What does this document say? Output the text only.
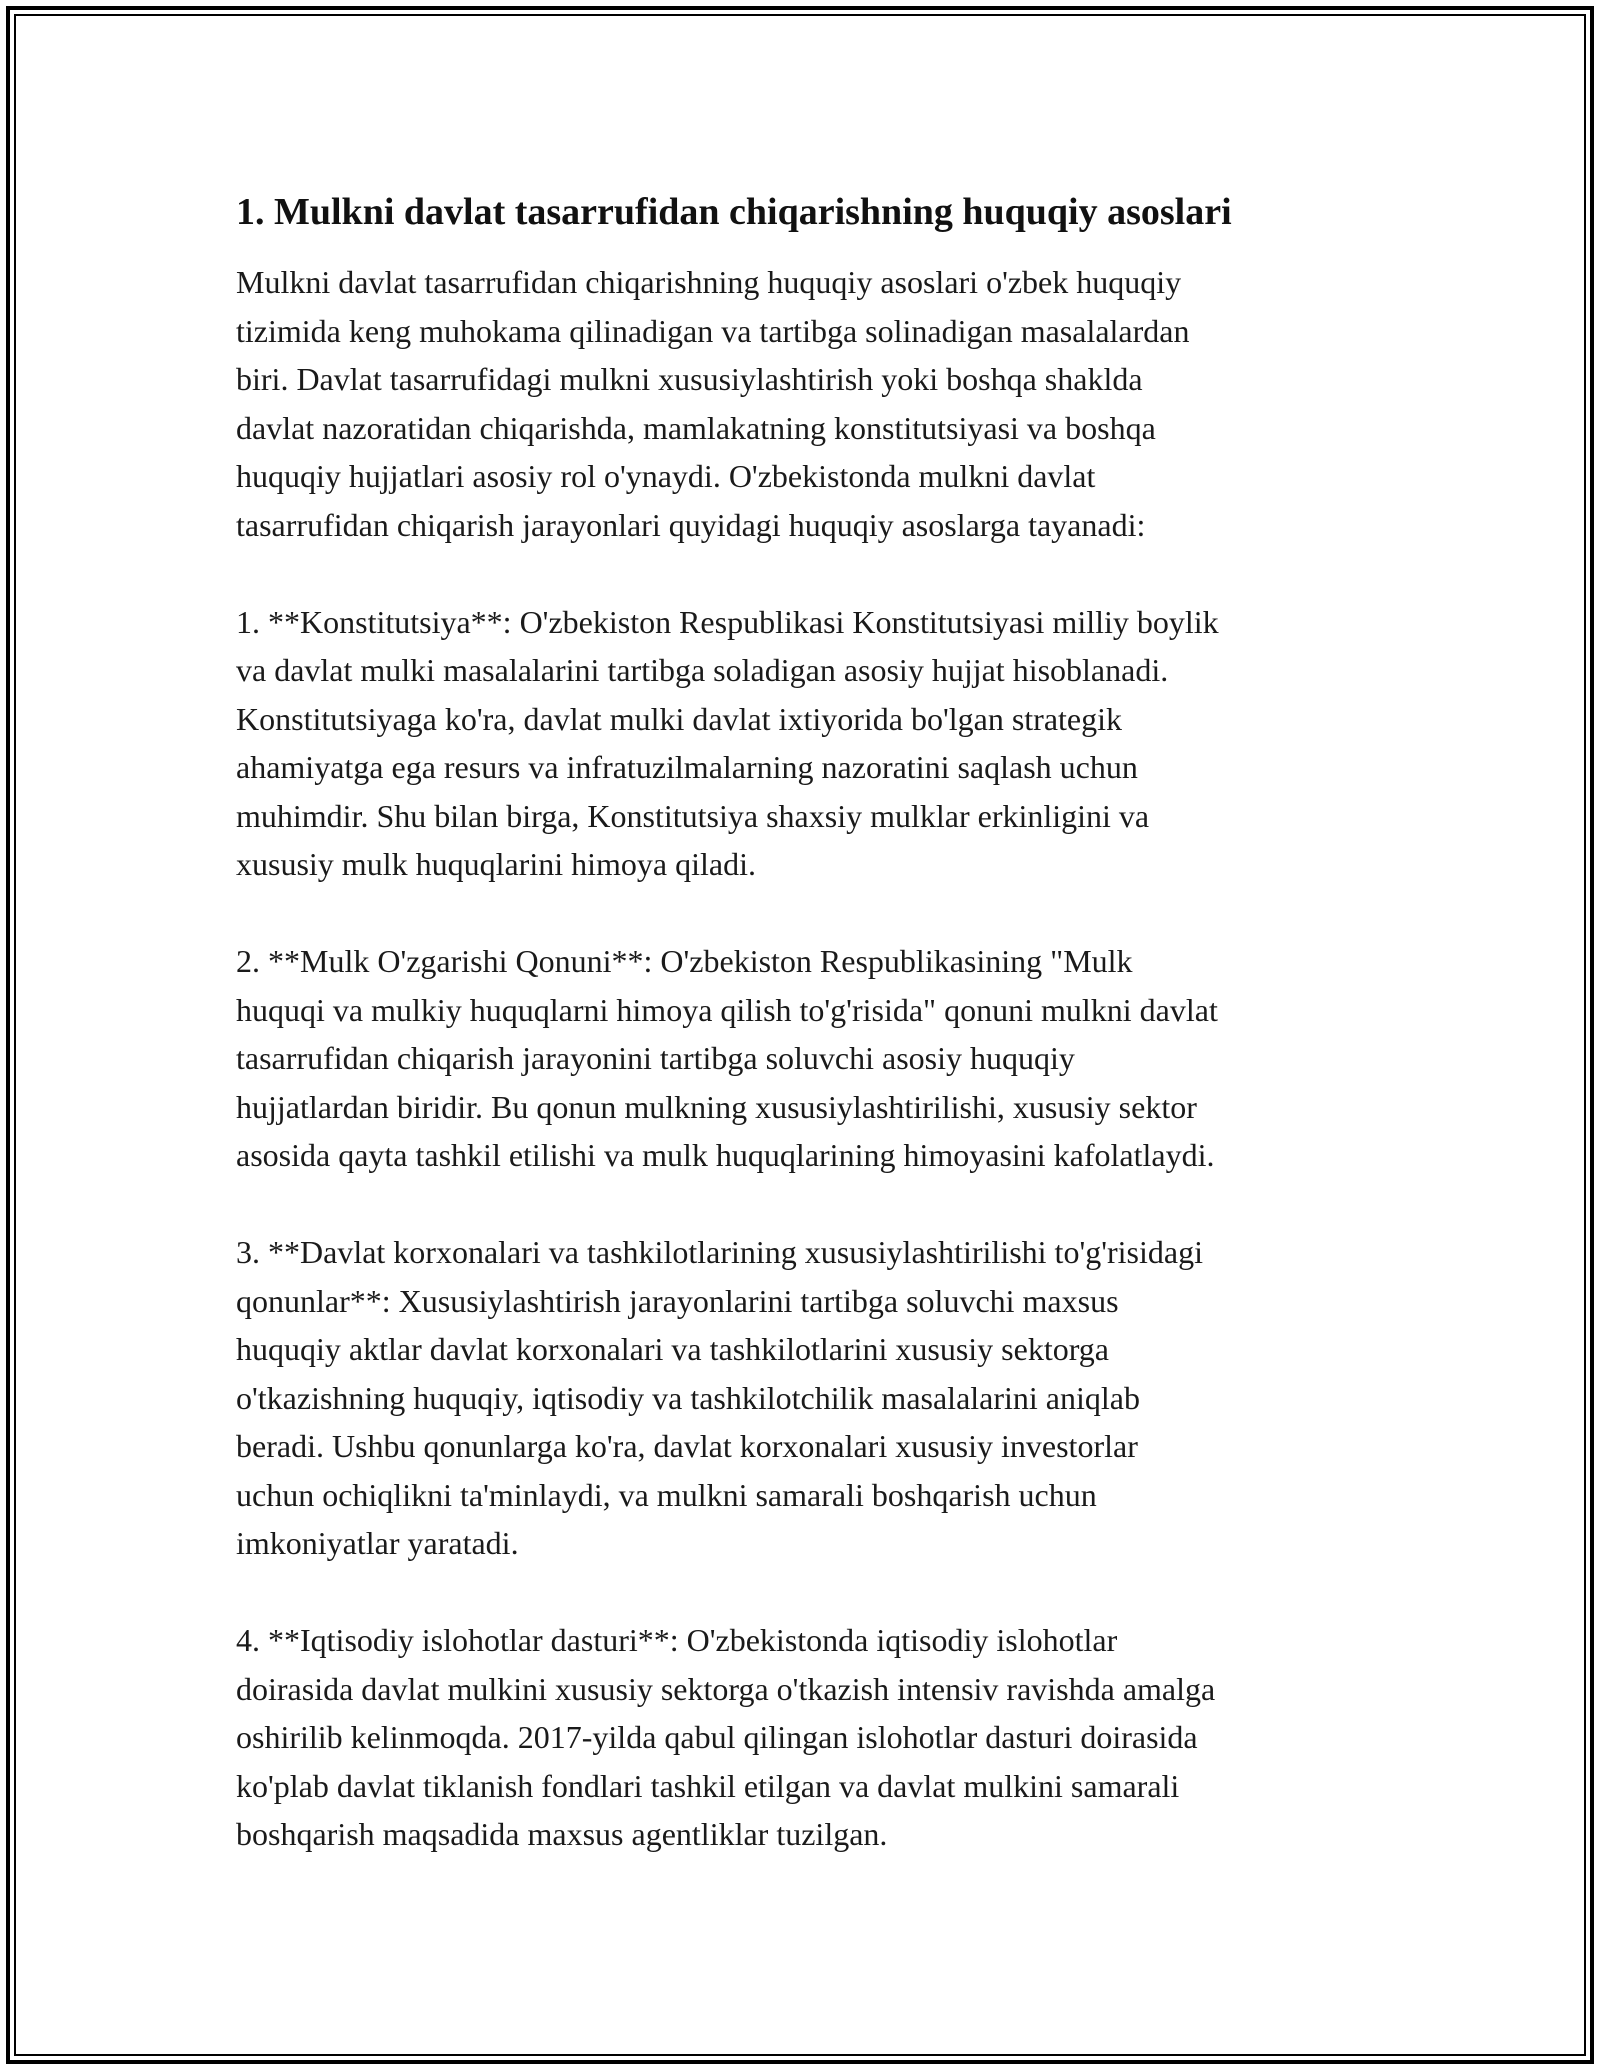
1. Mulkni davlat tasarrufidan chiqarishning huquqiy asoslari

Mulkni davlat tasarrufidan chiqarishning huquqiy asoslari o'zbek huquqiy
tizimida keng muhokama qilinadigan va tartibga solinadigan masalalardan
biri. Davlat tasarrufidagi mulkni xususiylashtirish yoki boshqa shaklda
davlat nazoratidan chiqarishda, mamlakatning konstitutsiyasi va boshqa
huquqiy hujjatlari asosiy rol o'ynaydi. O'zbekistonda mulkni davlat
tasarrufidan chiqarish jarayonlari quyidagi huquqiy asoslarga tayanadi:

1. **Konstitutsiya**: O'zbekiston Respublikasi Konstitutsiyasi milliy boylik
va davlat mulki masalalarini tartibga soladigan asosiy hujjat hisoblanadi.
Konstitutsiyaga ko'ra, davlat mulki davlat ixtiyorida bo'lgan strategik
ahamiyatga ega resurs va infratuzilmalarning nazoratini saqlash uchun
muhimdir. Shu bilan birga, Konstitutsiya shaxsiy mulklar erkinligini va
xususiy mulk huquqlarini himoya qiladi.

2. **Mulk O'zgarishi Qonuni**: O'zbekiston Respublikasining "Mulk
huquqi va mulkiy huquqlarni himoya qilish to'g'risida" qonuni mulkni davlat
tasarrufidan chiqarish jarayonini tartibga soluvchi asosiy huquqiy
hujjatlardan biridir. Bu qonun mulkning xususiylashtirilishi, xususiy sektor
asosida qayta tashkil etilishi va mulk huquqlarining himoyasini kafolatlaydi.

3. **Davlat korxonalari va tashkilotlarining xususiylashtirilishi to'g'risidagi
qonunlar**: Xususiylashtirish jarayonlarini tartibga soluvchi maxsus
huquqiy aktlar davlat korxonalari va tashkilotlarini xususiy sektorga
o'tkazishning huquqiy, iqtisodiy va tashkilotchilik masalalarini aniqlab
beradi. Ushbu qonunlarga ko'ra, davlat korxonalari xususiy investorlar
uchun ochiqlikni ta'minlaydi, va mulkni samarali boshqarish uchun
imkoniyatlar yaratadi.

4. **Iqtisodiy islohotlar dasturi**: O'zbekistonda iqtisodiy islohotlar
doirasida davlat mulkini xususiy sektorga o'tkazish intensiv ravishda amalga
oshirilib kelinmoqda. 2017-yilda qabul qilingan islohotlar dasturi doirasida
ko'plab davlat tiklanish fondlari tashkil etilgan va davlat mulkini samarali
boshqarish maqsadida maxsus agentliklar tuzilgan.
